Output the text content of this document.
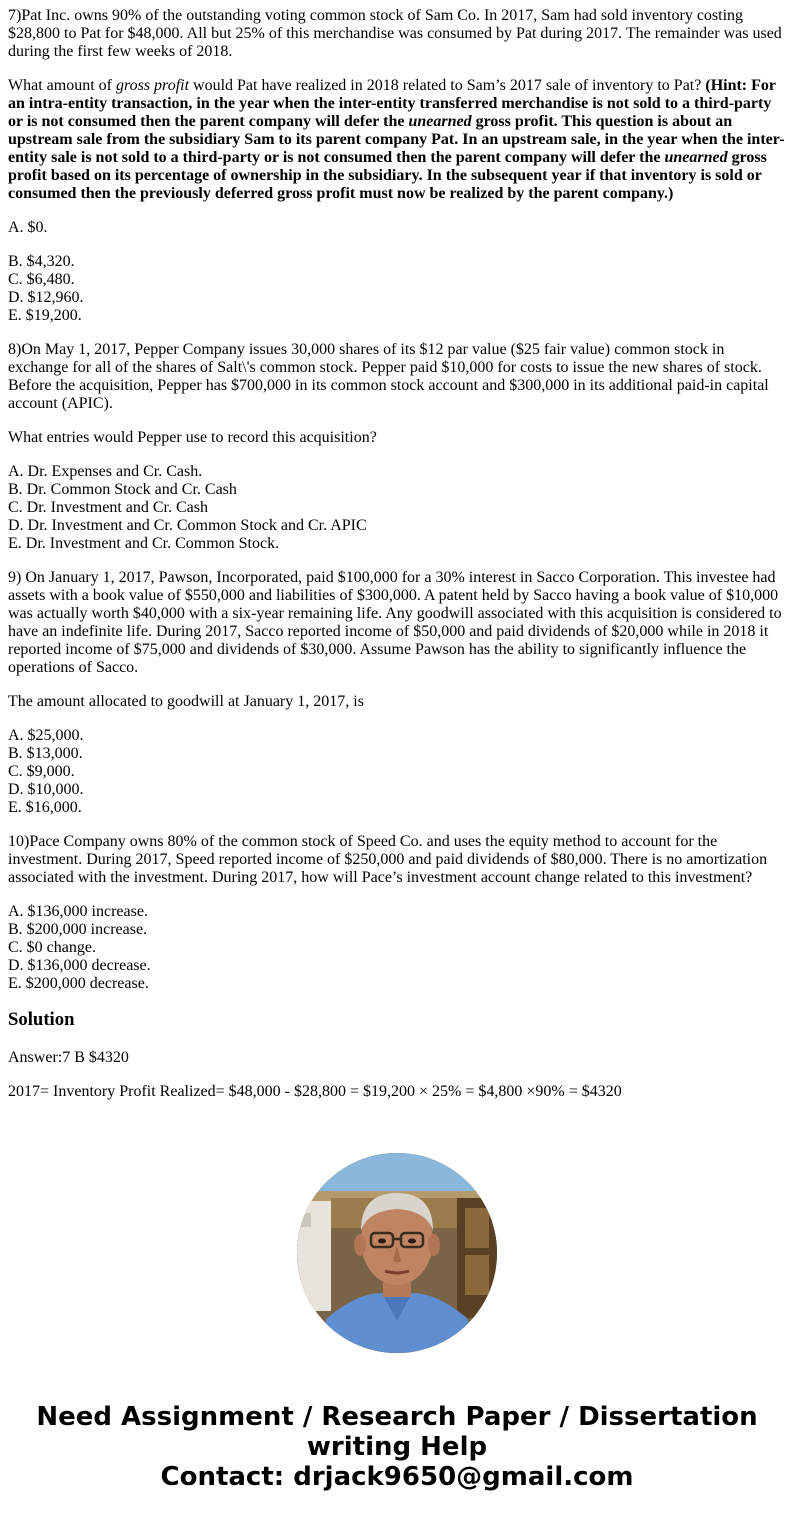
7)Pat Inc. owns 90% of the outstanding voting common stock of Sam Co. In 2017, Sam had sold inventory costing $28,800 to Pat for $48,000. All but 25% of this merchandise was consumed by Pat during 2017. The remainder was used during the first few weeks of 2018.

What amount of gross profit would Pat have realized in 2018 related to Sam’s 2017 sale of inventory to Pat? (Hint: For an intra-entity transaction, in the year when the inter-entity transferred merchandise is not sold to a third-party or is not consumed then the parent company will defer the unearned gross profit. This question is about an upstream sale from the subsidiary Sam to its parent company Pat. In an upstream sale, in the year when the inter-entity sale is not sold to a third-party or is not consumed then the parent company will defer the unearned gross profit based on its percentage of ownership in the subsidiary. In the subsequent year if that inventory is sold or consumed then the previously deferred gross profit must now be realized by the parent company.)

A. $0.

B. $4,320.
C. $6,480.
D. $12,960.
E. $19,200.

8)On May 1, 2017, Pepper Company issues 30,000 shares of its $12 par value ($25 fair value) common stock in exchange for all of the shares of Salt\'s common stock. Pepper paid $10,000 for costs to issue the new shares of stock. Before the acquisition, Pepper has $700,000 in its common stock account and $300,000 in its additional paid-in capital account (APIC).

What entries would Pepper use to record this acquisition?

A. Dr. Expenses and Cr. Cash.
B. Dr. Common Stock and Cr. Cash
C. Dr. Investment and Cr. Cash
D. Dr. Investment and Cr. Common Stock and Cr. APIC
E. Dr. Investment and Cr. Common Stock.

9) On January 1, 2017, Pawson, Incorporated, paid $100,000 for a 30% interest in Sacco Corporation. This investee had assets with a book value of $550,000 and liabilities of $300,000. A patent held by Sacco having a book value of $10,000 was actually worth $40,000 with a six-year remaining life. Any goodwill associated with this acquisition is considered to have an indefinite life. During 2017, Sacco reported income of $50,000 and paid dividends of $20,000 while in 2018 it reported income of $75,000 and dividends of $30,000. Assume Pawson has the ability to significantly influence the operations of Sacco.

The amount allocated to goodwill at January 1, 2017, is

A. $25,000.
B. $13,000.
C. $9,000.
D. $10,000.
E. $16,000.

10)Pace Company owns 80% of the common stock of Speed Co. and uses the equity method to account for the investment. During 2017, Speed reported income of $250,000 and paid dividends of $80,000. There is no amortization associated with the investment. During 2017, how will Pace’s investment account change related to this investment?

A. $136,000 increase.
B. $200,000 increase.
C. $0 change.
D. $136,000 decrease.
E. $200,000 decrease.
Solution

Answer:7 B $4320

2017= Inventory Profit Realized= $48,000 - $28,800 = $19,200 × 25% = $4,800 ×90% = $4320

Need Assignment / Research Paper / Dissertation
writing Help
Contact: drjack9650@gmail.com
